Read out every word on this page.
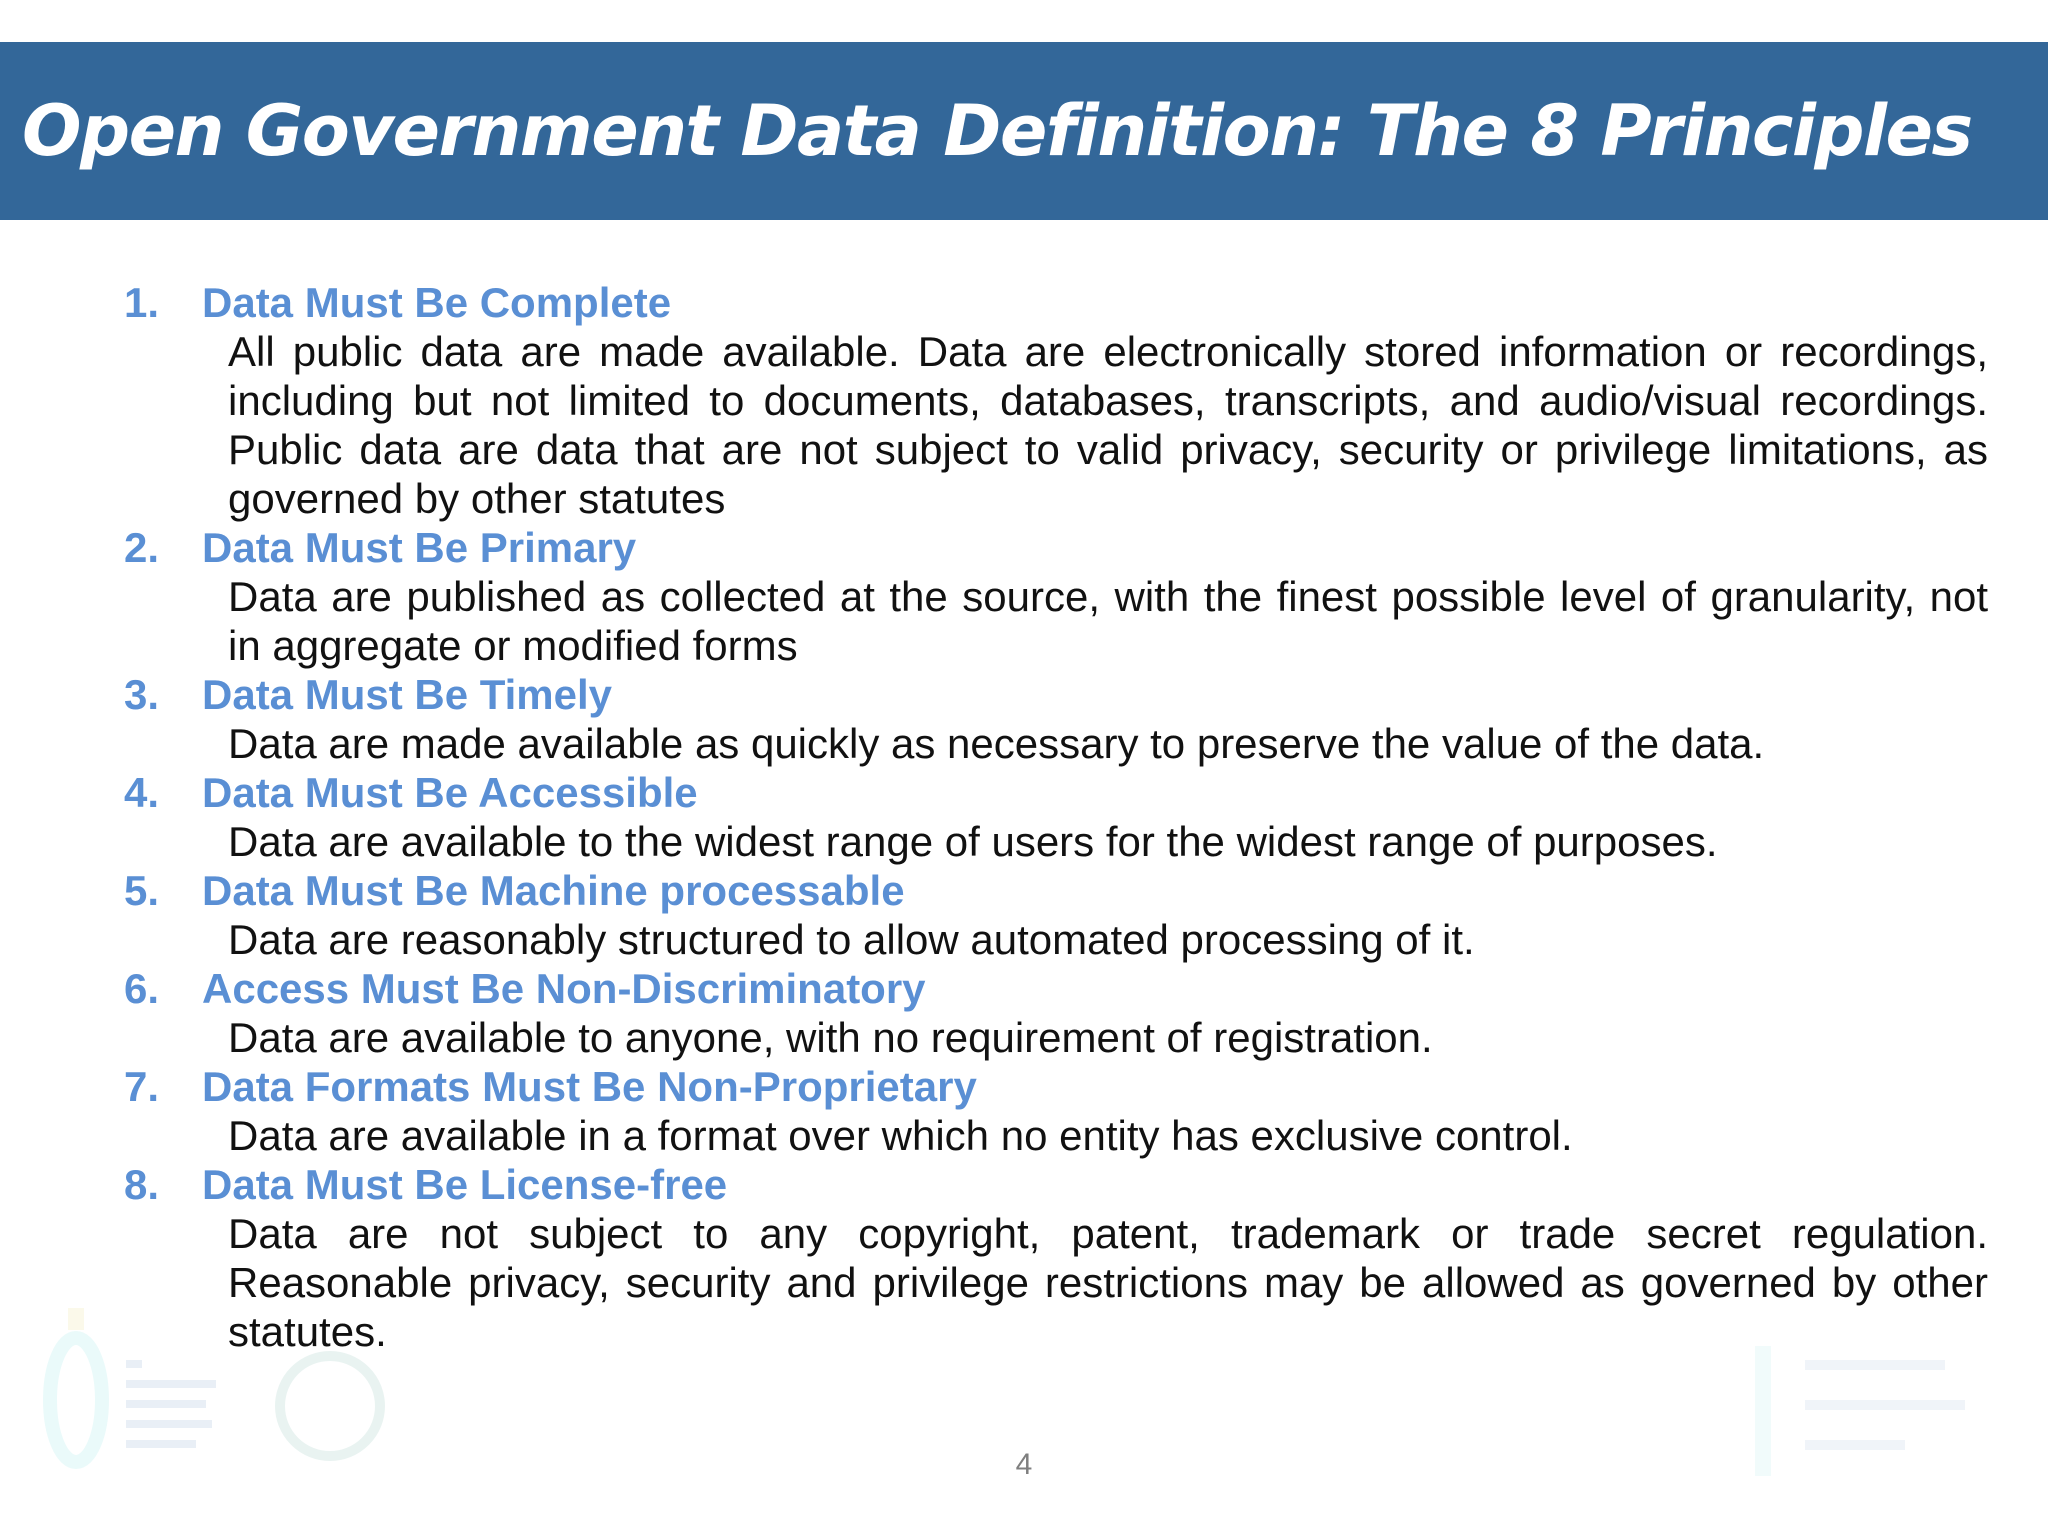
Open Government Data Definition: The 8 Principles
1.	Data Must Be Complete

All public data are made available. Data are electronically stored information or recordings, including but not limited to documents, databases, transcripts, and audio/visual recordings. Public data are data that are not subject to valid privacy, security or privilege limitations, as governed by other statutes

2.	Data Must Be Primary

Data are published as collected at the source, with the finest possible level of granularity, not in aggregate or modified forms

3.	Data Must Be Timely

Data are made available as quickly as necessary to preserve the value of the data.

4.	Data Must Be Accessible

Data are available to the widest range of users for the widest range of purposes.

5.	Data Must Be Machine processable

Data are reasonably structured to allow automated processing of it.

6.	Access Must Be Non-Discriminatory

Data are available to anyone, with no requirement of registration.

7.	Data Formats Must Be Non-Proprietary

Data are available in a format over which no entity has exclusive control.

8.	Data Must Be License-free

Data are not subject to any copyright, patent, trademark or trade secret regulation. Reasonable privacy, security and privilege restrictions may be allowed as governed by other statutes.

4
